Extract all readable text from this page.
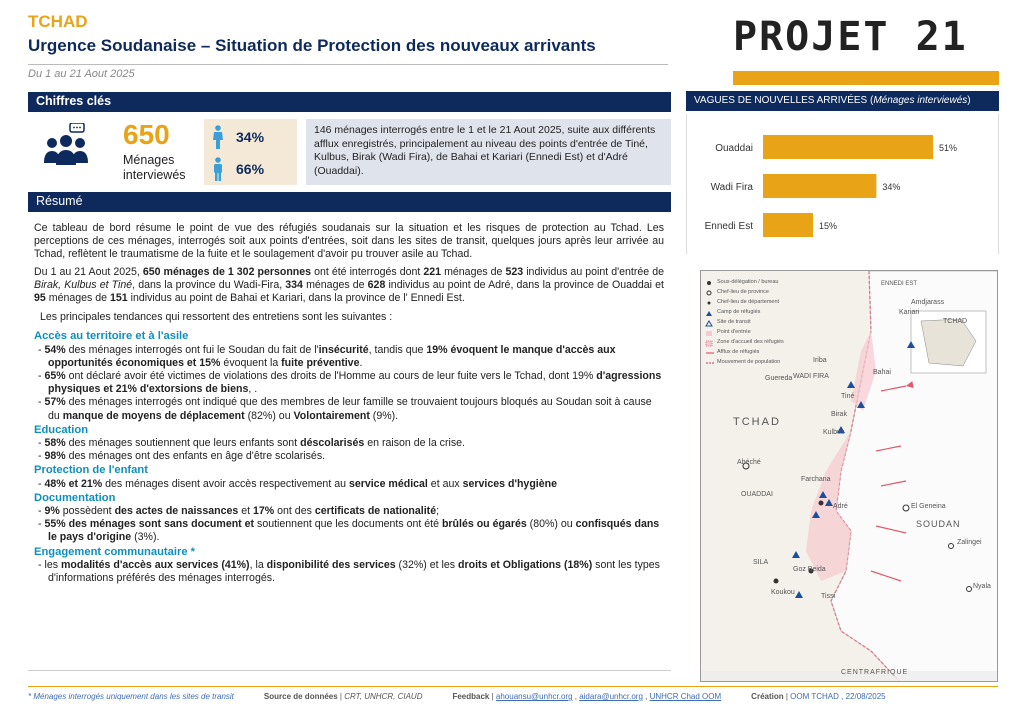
TCHAD
Urgence Soudanaise – Situation de Protection des nouveaux arrivants
Du 1 au 21 Aout 2025
PROJET 21
Chiffres clés
650
Ménages interviewés
34%
66%
146 ménages interrogés entre le 1 et le 21 Aout 2025, suite aux différents afflux enregistrés, principalement au niveau des points d'entrée de Tiné, Kulbus, Birak (Wadi Fira), de Bahai et Kariari (Ennedi Est) et d'Adré (Ouaddai).
Résumé

Ce tableau de bord résume le point de vue des réfugiés soudanais sur la situation et les risques de protection au Tchad. Les perceptions de ces ménages, interrogés soit aux points d'entrées, soit dans les sites de transit, quelques jours après leur arrivée au Tchad, reflètent le traumatisme de la fuite et le soulagement d'avoir pu trouver asile au Tchad.

Du 1 au 21 Aout 2025, 650 ménages de 1 302 personnes ont été interrogés dont 221 ménages de 523 individus au point d'entrée de Birak, Kulbus et Tiné, dans la province du Wadi-Fira, 334 ménages de 628 individus au point de Adré, dans la province de Ouaddai et 95 ménages de 151 individus au point de Bahai et Kariari, dans la province de l' Ennedi Est.

Les principales tendances qui ressortent des entretiens sont les suivantes :

Accès au territoire et à l'asile
- 54% des ménages interrogés ont fui le Soudan du fait de l'insécurité, tandis que 19% évoquent le manque d'accès aux opportunités économiques et 15% évoquent la fuite préventive.
- 65% ont déclaré avoir été victimes de violations des droits de l'Homme au cours de leur fuite vers le Tchad, dont 19% d'agressions physiques et 21% d'extorsions de biens, .
- 57% des ménages interrogés ont indiqué que des membres de leur famille se trouvaient toujours bloqués au Soudan soit à cause du manque de moyens de déplacement (82%) ou Volontairement (9%).
Education
- 58% des ménages soutiennent que leurs enfants sont déscolarisés en raison de la crise.
- 98% des ménages ont des enfants en âge d'être scolarisés.
Protection de l'enfant
- 48% et 21% des ménages disent avoir accès respectivement au service médical et aux services d'hygiène
Documentation
- 9% possèdent des actes de naissances et 17% ont des certificats de nationalité;
- 55% des ménages sont sans document et soutiennent que les documents ont été brûlés ou égarés (80%) ou confisqués dans le pays d'origine (3%).
Engagement communautaire *
- les modalités d'accès aux services (41%), la disponibilité des services (32%) et les droits et Obligations (18%) sont les types d'informations préférés des ménages interrogés.
VAGUES DE NOUVELLES ARRIVÉES (Ménages interviewés)
Ouaddai	51%
Wadi Fira	34%
Ennedi Est	15%
Sous-délégation / bureau
Chef-lieu de province
Chef-lieu de département
Camp de réfugiés
Site de transit
Point d'entrée
Zone d'accueil des réfugiés
Afflux de réfugiés
Mouvement de population
TCHAD
TCHAD
SOUDAN
WADI FIRA
OUADDAI
ENNEDI EST
SILA
CENTRAFRIQUE
Abéché
Adré
Bahai
Tiné
Birak
Kulbus
Goz Beida
El Geneina
Zalingei
Nyala
Kariari
Iriba
Guereda
Farchana
Koukou
Tissi
Amdjarass
* Ménages interrogés uniquement dans les sites de transit	Source de données | CRT, UNHCR, CIAUD	Feedback | ahouansu@unhcr.org , aidara@unhcr.org , UNHCR Chad OOM	Création | OOM TCHAD , 22/08/2025
